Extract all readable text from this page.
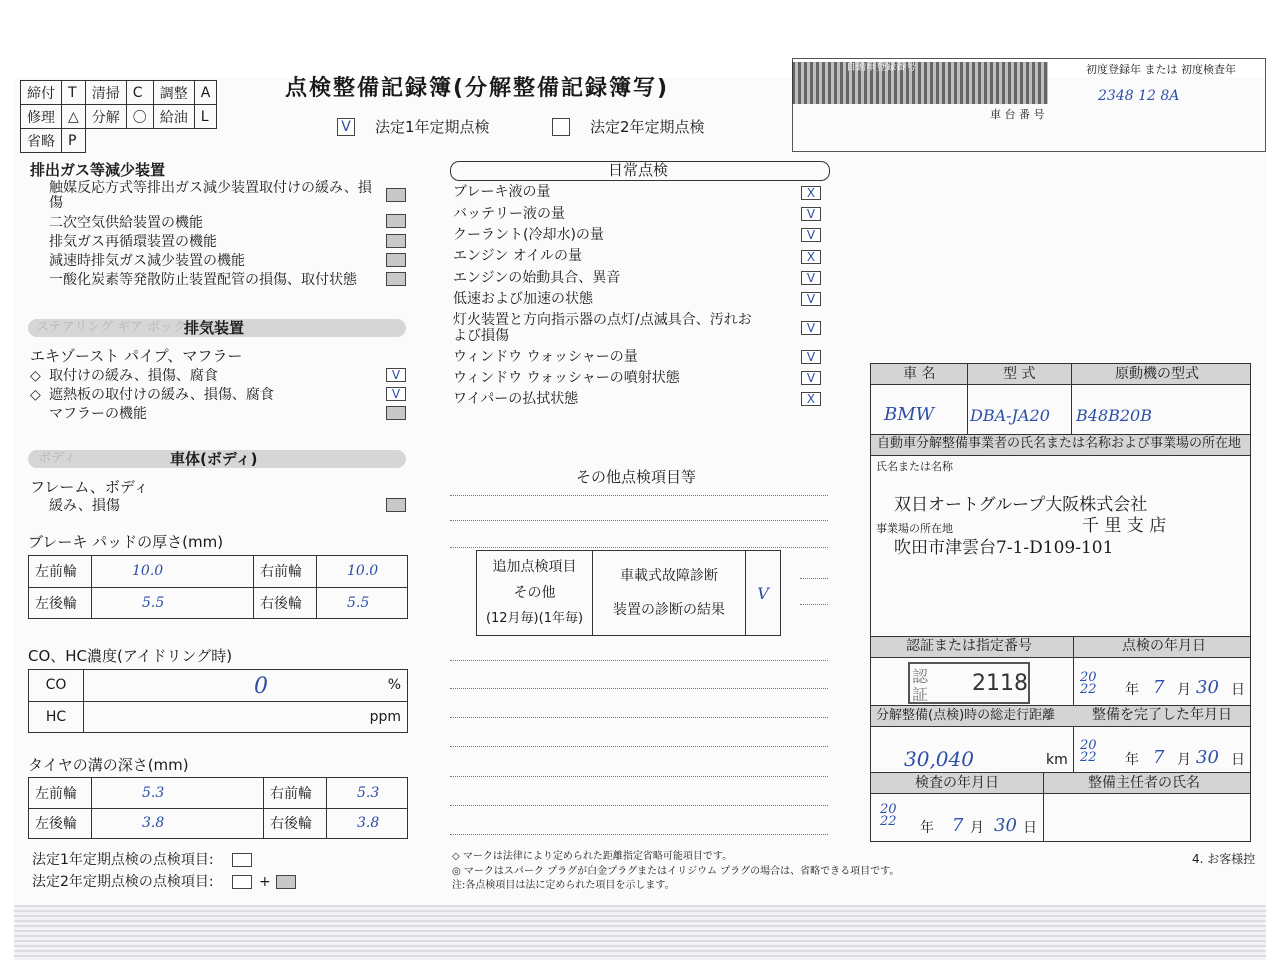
締付	T	清掃	C	調整	A
修理	△	分解	〇	給油	L
省略	P				
点検整備記録簿(分解整備記録簿写)
V 法定1年定期点検	法定2年定期点検
自動車登録番号	初度登録年 または 初度検査年
2348 12 8A
車 台 番 号
排出ガス等減少装置
触媒反応方式等排出ガス減少装置取付けの緩み、損傷
二次空気供給装置の機能
排気ガス再循環装置の機能
減速時排気ガス減少装置の機能
一酸化炭素等発散防止装置配管の損傷、取付状態
ステアリング ギア ボックス
排気装置
エキゾースト パイプ、マフラー
◇ 取付けの緩み、損傷、腐食	V
◇ 遮熱板の取付けの緩み、損傷、腐食	V
マフラーの機能
ボディ	車体(ボディ)
フレーム、ボディ
緩み、損傷
ブレーキ パッドの厚さ(mm)
左前輪	10.0	右前輪	10.0
左後輪	5.5	右後輪	5.5
CO、HC濃度(アイドリング時)
CO	0 %
HC	ppm
タイヤの溝の深さ(mm)
左前輪	5.3	右前輪	5.3
左後輪	3.8	右後輪	3.8
法定1年定期点検の点検項目:
法定2年定期点検の点検項目:	+
日常点検
ブレーキ液の量	X
バッテリー液の量	V
クーラント(冷却水)の量	V
エンジン オイルの量	X
エンジンの始動具合、異音	V
低速および加速の状態	V
灯火装置と方向指示器の点灯/点滅具合、汚れおよび損傷	V
ウィンドウ ウォッシャーの量	V
ウィンドウ ウォッシャーの噴射状態	V
ワイパーの払拭状態	X
その他点検項目等
追加点検項目
その他
(12月毎)(1年毎)

車載式故障診断
装置の診断の結果
	V
◇ マークは法律により定められた距離指定省略可能項目です。
◎ マークはスパーク プラグが白金プラグまたはイリジウム プラグの場合は、省略できる項目です。
注:各点検項目は法に定められた項目を示します。
4. お客様控
車 名	型 式	原動機の型式
BMW DBA-JA20 B48B20B
自動車分解整備事業者の氏名または名称および事業場の所在地
氏名または名称
双日オートグループ大阪株式会社
事業場の所在地	千 里 支 店
吹田市津雲台7-1-D109-101
認証または指定番号	点検の年月日
認証 2118	2022	年 7 月 30 日
分解整備(点検)時の総走行距離	整備を完了した年月日
30,040	km
2022	年 7 月 30 日
検査の年月日	整備主任者の氏名
2022	年 7 月 30 日
